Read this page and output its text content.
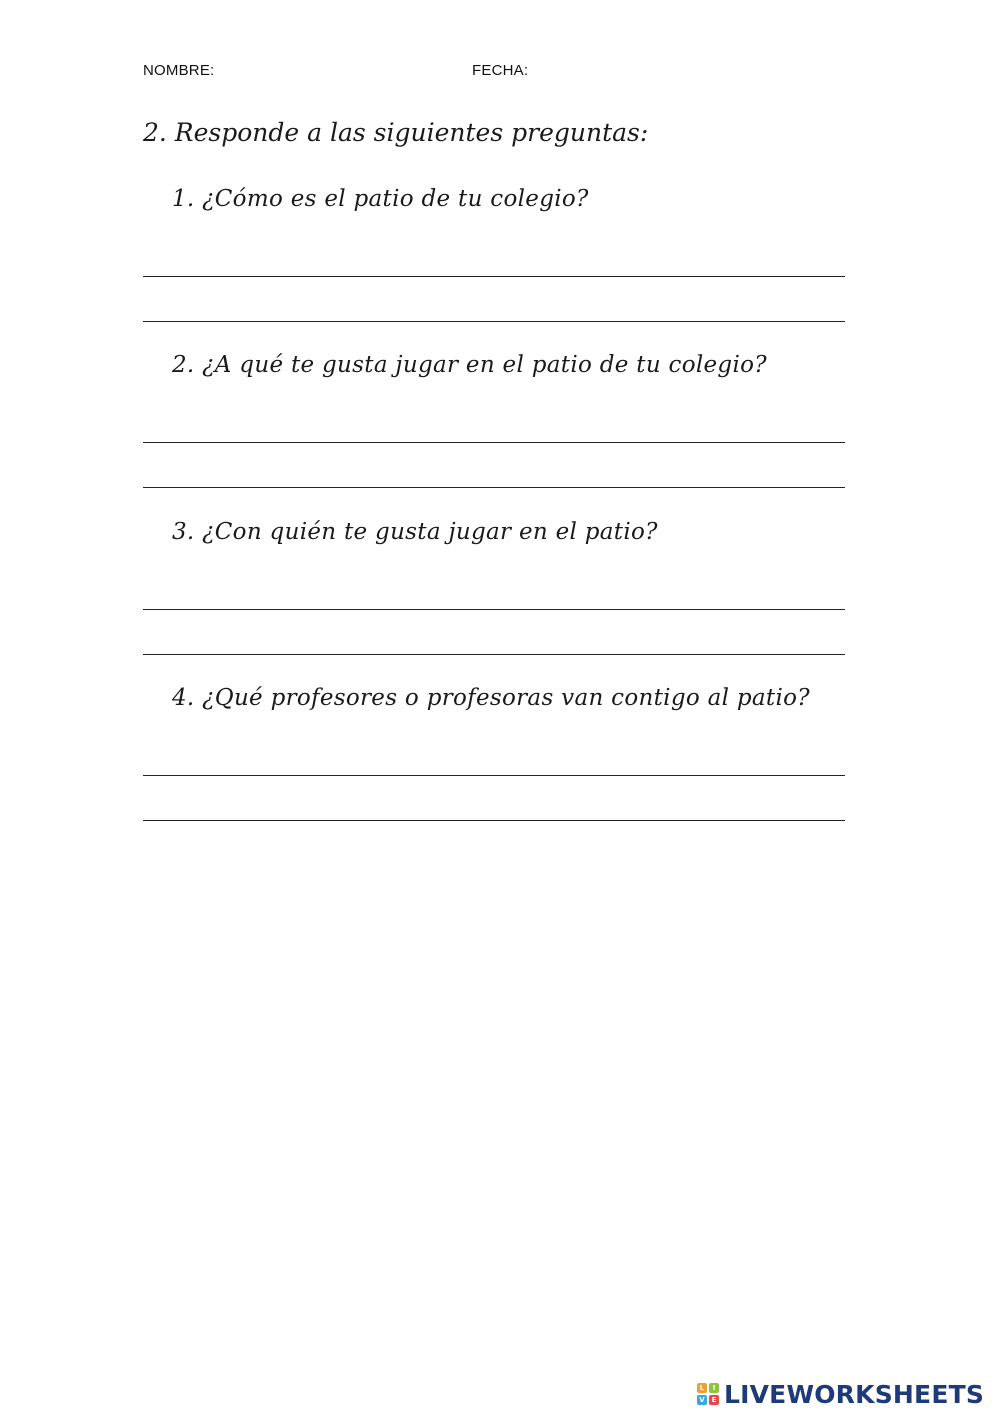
NOMBRE:	FECHA:
2. Responde a las siguientes preguntas:
1. ¿Cómo es el patio de tu colegio?
2. ¿A qué te gusta jugar en el patio de tu colegio?
3. ¿Con quién te gusta jugar en el patio?
4. ¿Qué profesores o profesoras van contigo al patio?
L	I
V E LIVEWORKSHEETS
